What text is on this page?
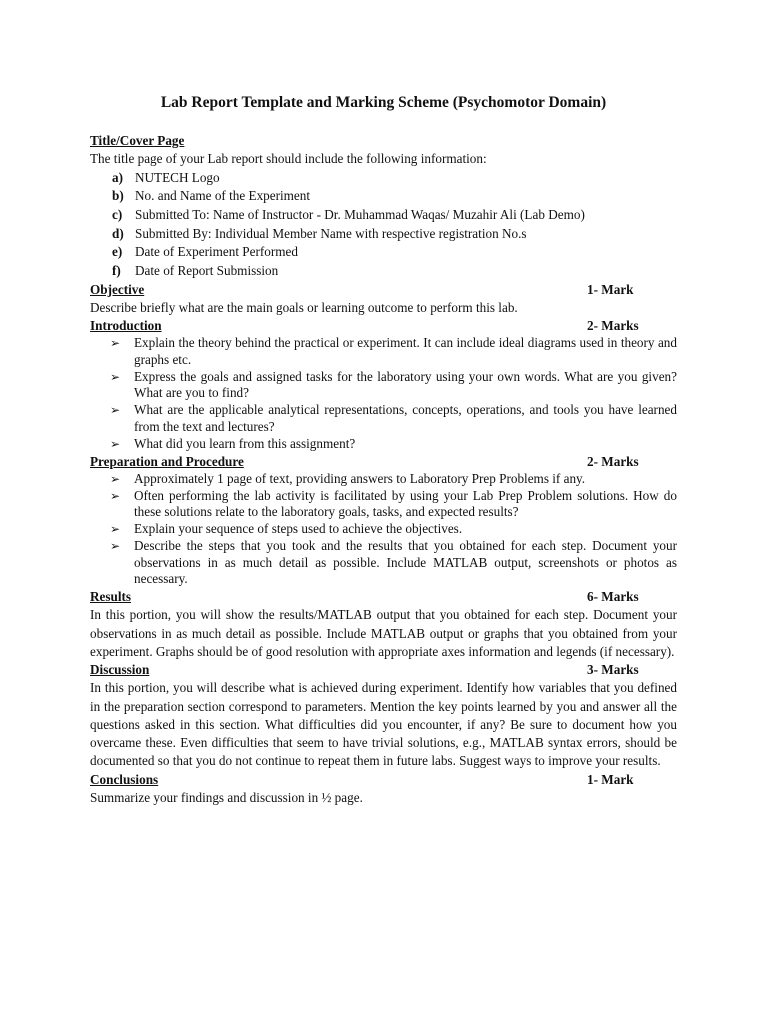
Lab Report Template and Marking Scheme (Psychomotor Domain)
Title/Cover Page
The title page of your Lab report should include the following information:
a) NUTECH Logo
b) No. and Name of the Experiment
c) Submitted To: Name of Instructor - Dr. Muhammad Waqas/ Muzahir Ali (Lab Demo)
d) Submitted By: Individual Member Name with respective registration No.s
e) Date of Experiment Performed
f)	Date of Report Submission
Objective	1- Mark
Describe briefly what are the main goals or learning outcome to perform this lab.
Introduction	2- Marks
➢	Explain the theory behind the practical or experiment. It can include ideal diagrams used in theory and graphs etc.
➢	Express the goals and assigned tasks for the laboratory using your own words. What are you given? What are you to find?
➢	What are the applicable analytical representations, concepts, operations, and tools you have learned from the text and lectures?
➢	What did you learn from this assignment?
Preparation and Procedure	2- Marks
➢	Approximately 1 page of text, providing answers to Laboratory Prep Problems if any.
➢	Often performing the lab activity is facilitated by using your Lab Prep Problem solutions. How do these solutions relate to the laboratory goals, tasks, and expected results?
➢	Explain your sequence of steps used to achieve the objectives.
➢	Describe the steps that you took and the results that you obtained for each step. Document your observations in as much detail as possible. Include MATLAB output, screenshots or photos as necessary.
Results	6- Marks

In this portion, you will show the results/MATLAB output that you obtained for each step. Document your observations in as much detail as possible. Include MATLAB output or graphs that you obtained from your experiment. Graphs should be of good resolution with appropriate axes information and legends (if necessary).

Discussion	3- Marks

In this portion, you will describe what is achieved during experiment. Identify how variables that you defined in the preparation section correspond to parameters. Mention the key points learned by you and answer all the questions asked in this section. What difficulties did you encounter, if any? Be sure to document how you overcame these. Even difficulties that seem to have trivial solutions, e.g., MATLAB syntax errors, should be documented so that you do not continue to repeat them in future labs. Suggest ways to improve your results.

Conclusions	1- Mark
Summarize your findings and discussion in ½ page.
